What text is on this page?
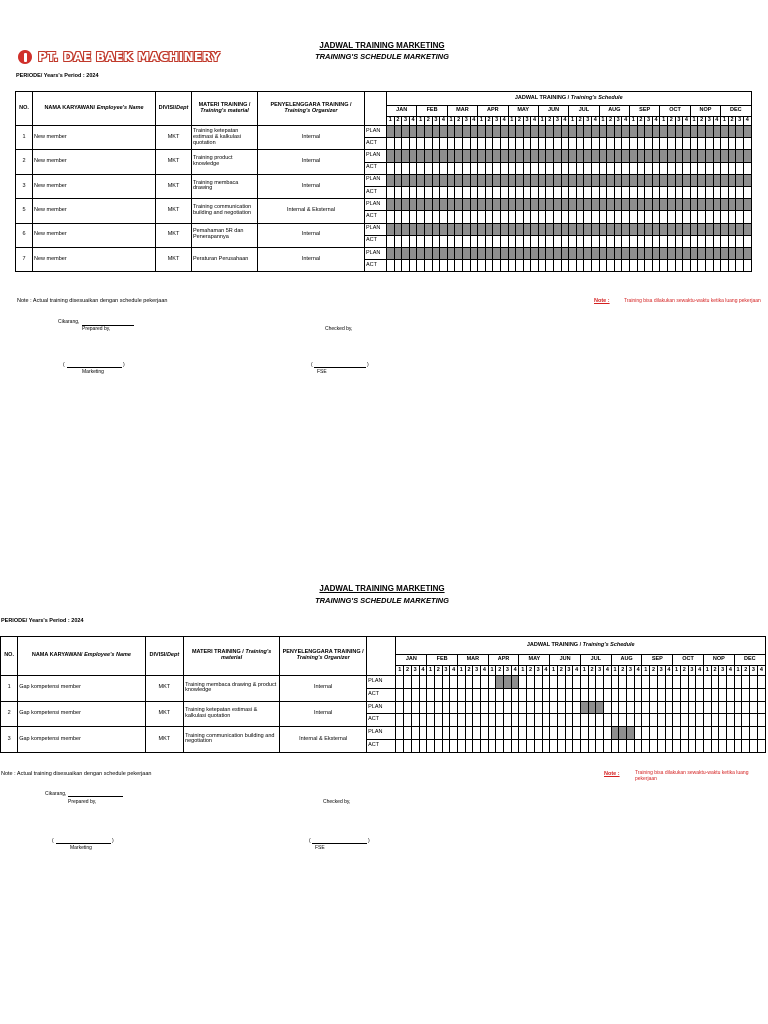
PT. DAE BAEK MACHINERY
JADWAL TRAINING MARKETING
TRAINING'S SCHEDULE MARKETING
PERIODE/ Years's Period : 2024
NO.	NAMA KARYAWAN/ Employee's Name	DIVISI/Dept	MATERI TRAINING / Training's material	PENYELENGGARA TRAINING / Training's Organizer		JADWAL TRAINING / Training's Schedule																																															
						JAN				FEB				MAR				APR				MAY				JUN				JUL				AUG				SEP				OCT				NOP				DEC			
						1	2	3	4	1	2	3	4	1	2	3	4	1	2	3	4	1	2	3	4	1	2	3	4	1	2	3	4	1	2	3	4	1	2	3	4	1	2	3	4	1	2	3	4	1	2	3	4
1	New member	MKT	Training ketepatan estimasi & kalkulasi quotation	Internal	PLAN																																																
					ACT																																																
2	New member	MKT	Training product knowledge	Internal	PLAN																																																
					ACT																																																
3	New member	MKT	Training membaca drawing	Internal	PLAN																																																
					ACT																																																
5	New member	MKT	Training communication building and negotiation	Internal & Eksternal	PLAN																																																
					ACT																																																
6	New member	MKT	Pemahaman 5R dan Penerapannya	Internal	PLAN																																																
					ACT																																																
7	New member	MKT	Peraturan Perusahaan	Internal	PLAN																																																
					ACT																																																
Note : Actual training disesuaikan dengan schedule pekerjaan	Note :	Training bisa dilakukan sewaktu-waktu ketika luang pekerjaan
Cikarang,
Prepared by,	Checked by,
(	)
Marketing
(	)
FSE
JADWAL TRAINING MARKETING
TRAINING'S SCHEDULE MARKETING
PERIODE/ Years's Period : 2024
NO.	NAMA KARYAWAN/ Employee's Name	DIVISI/Dept	MATERI TRAINING / Training's material	PENYELENGGARA TRAINING / Training's Organizer		JADWAL TRAINING / Training's Schedule																																															
						JAN				FEB				MAR				APR				MAY				JUN				JUL				AUG				SEP				OCT				NOP				DEC			
						1	2	3	4	1	2	3	4	1	2	3	4	1	2	3	4	1	2	3	4	1	2	3	4	1	2	3	4	1	2	3	4	1	2	3	4	1	2	3	4	1	2	3	4	1	2	3	4
1	Gap kompetensi member	MKT	Training membaca drawing & product knowledge	Internal	PLAN																																																
					ACT																																																
2	Gap kompetensi member	MKT	Training ketepatan estimasi & kalkulasi quotation	Internal	PLAN																																																
					ACT																																																
3	Gap kompetensi member	MKT	Training communication building and negotiation	Internal & Eksternal	PLAN																																																
					ACT																																																
Note : Actual training disesuaikan dengan schedule pekerjaan	Note :	Training bisa dilakukan sewaktu-waktu ketika luang pekerjaan
Cikarang,
Prepared by,	Checked by,
(	)
Marketing
(	)
FSE
